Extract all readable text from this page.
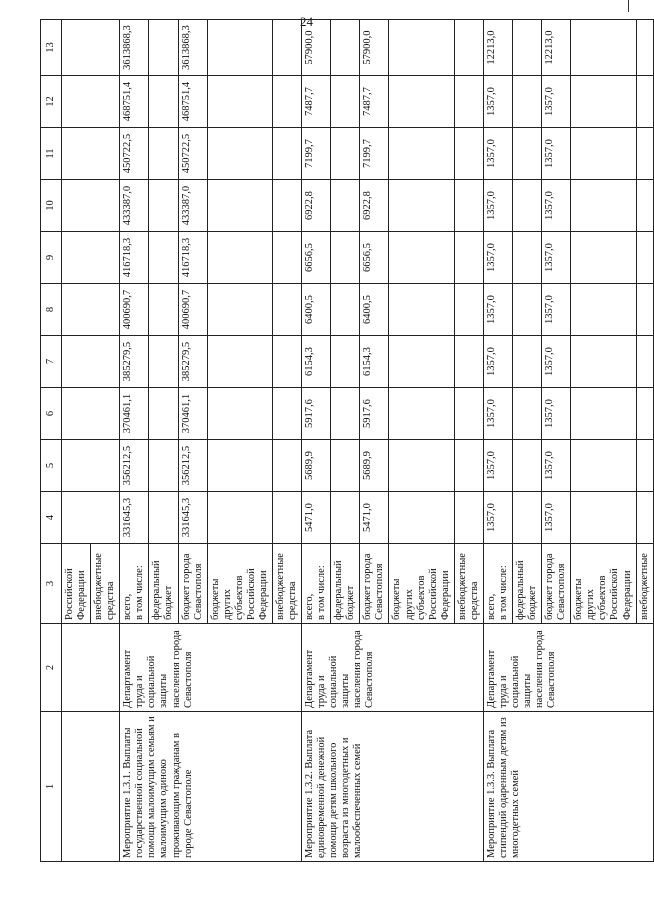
24
1	2	3	4	5	6	7	8	9	10	11	12	13

		Российской Федерации внебюджетные средства										

Мероприятие 1.3.1. Выплаты государственной социальной помощи малоимущим семьям и малоимущим одиноко проживающим гражданам в городе Севастополе	Департамент труда и социальной защиты населения города Севастополя	всего,
в том числе:	331645,3	356212,5	370461,1	385279,5	400690,7	416718,3	433387,0	450722,5	468751,4	3613868,3
		федеральный бюджет										
		бюджет города Севастополя	331645,3	356212,5	370461,1	385279,5	400690,7	416718,3	433387,0	450722,5	468751,4	3613868,3
		бюджеты других субъектов Российской Федерации										
		внебюджетные средства										
Мероприятие 1.3.2. Выплата единовременной денежной помощи детям школьного возраста из многодетных и малообеспеченных семей	Департамент труда и социальной защиты населения города Севастополя	всего,
в том числе:	5471,0	5689,9	5917,6	6154,3	6400,5	6656,5	6922,8	7199,7	7487,7	57900,0
		федеральный бюджет										
		бюджет города Севастополя	5471,0	5689,9	5917,6	6154,3	6400,5	6656,5	6922,8	7199,7	7487,7	57900,0
		бюджеты других субъектов Российской Федерации										
		внебюджетные средства										
Мероприятие 1.3.3. Выплата стипендий одаренным детям из многодетных семей	Департамент труда и социальной защиты населения города Севастополя	всего,
в том числе:	1357,0	1357,0	1357,0	1357,0	1357,0	1357,0	1357,0	1357,0	1357,0	12213,0
		федеральный бюджет										
		бюджет города Севастополя	1357,0	1357,0	1357,0	1357,0	1357,0	1357,0	1357,0	1357,0	1357,0	12213,0
		бюджеты других субъектов Российской Федерации										
		внебюджетные										
